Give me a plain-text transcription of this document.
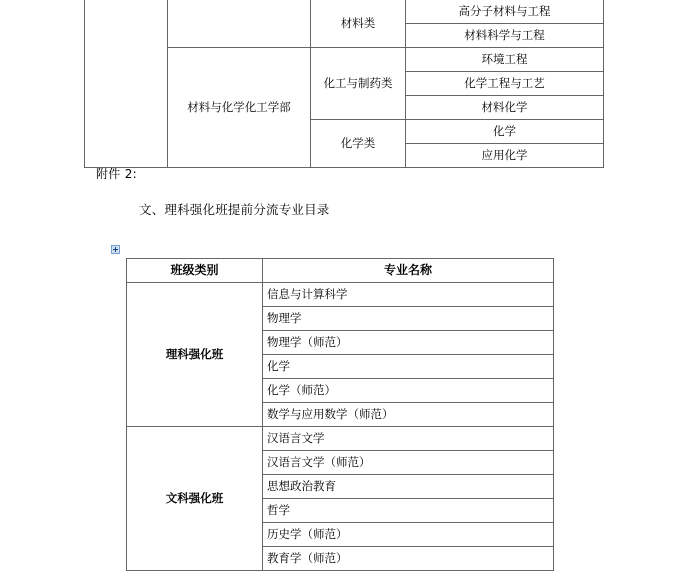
		材料类	高分子材料与工程
			材料科学与工程
	材料与化学化工学部	化工与制药类	环境工程
			化学工程与工艺
			材料化学
		化学类	化学
			应用化学
附件 2:
文、理科强化班提前分流专业目录
班级类别	专业名称
理科强化班	信息与计算科学
	物理学
	物理学（师范）
	化学
	化学（师范）
	数学与应用数学（师范）
文科强化班	汉语言文学
	汉语言文学（师范）
	思想政治教育
	哲学
	历史学（师范）
	教育学（师范）
